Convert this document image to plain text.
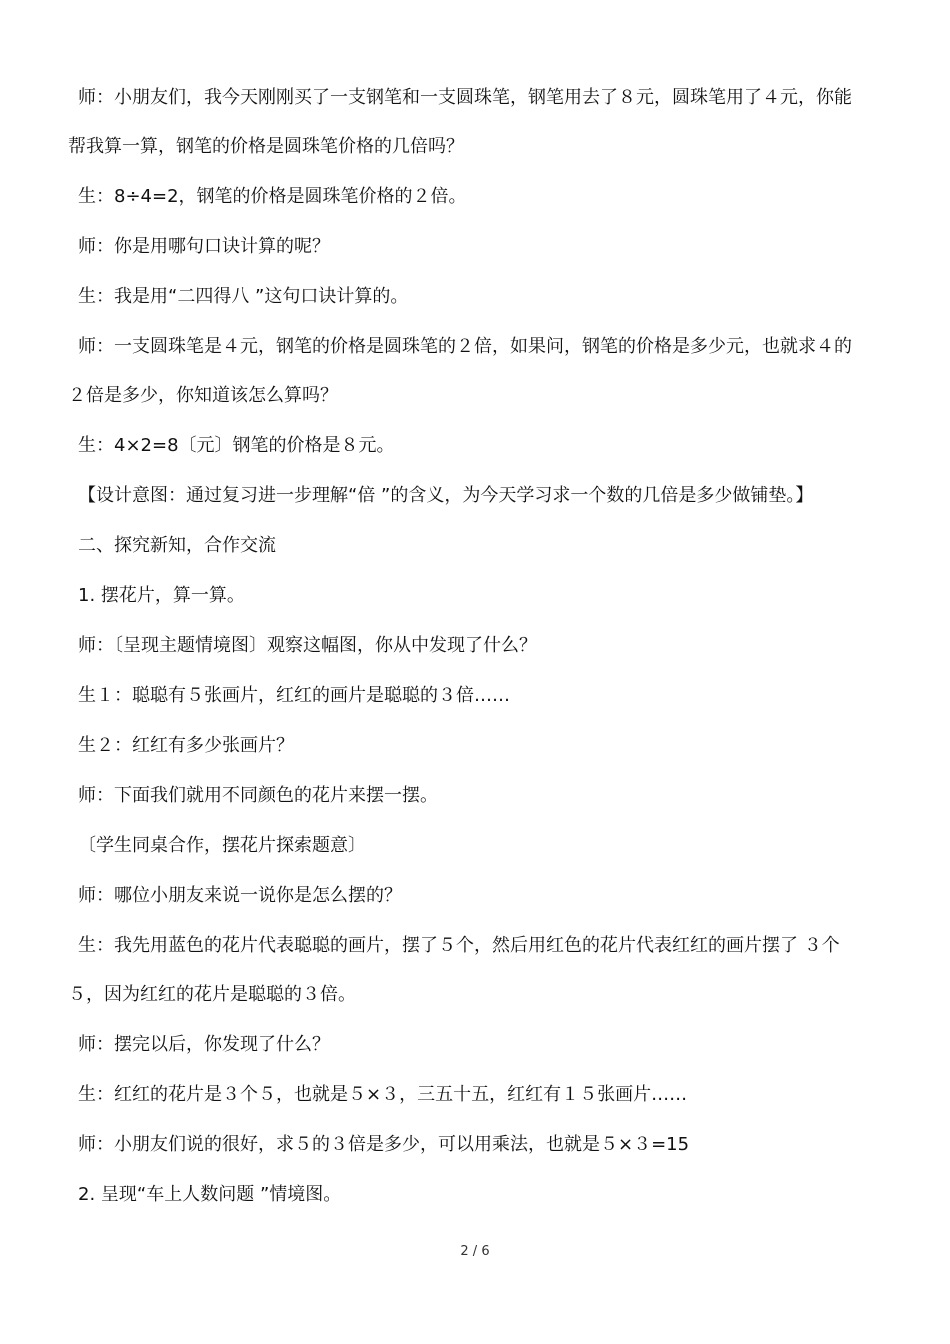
师：小朋友们，我今天刚刚买了一支钢笔和一支圆珠笔，钢笔用去了８元，圆珠笔用了４元，你能
帮我算一算，钢笔的价格是圆珠笔价格的几倍吗？
生：8÷4=2，钢笔的价格是圆珠笔价格的２倍。
师：你是用哪句口诀计算的呢？
生：我是用“二四得八 ”这句口诀计算的。
师：一支圆珠笔是４元，钢笔的价格是圆珠笔的２倍，如果问，钢笔的价格是多少元，也就求４的
２倍是多少，你知道该怎么算吗？
生：4×2=8〔元〕钢笔的价格是８元。
【设计意图：通过复习进一步理解“倍 ”的含义，为今天学习求一个数的几倍是多少做铺垫。】
二、探究新知，合作交流
1. 摆花片，算一算。
师：〔呈现主题情境图〕观察这幅图，你从中发现了什么？
生１：聪聪有５张画片，红红的画片是聪聪的３倍……
生２：红红有多少张画片？
师：下面我们就用不同颜色的花片来摆一摆。
〔学生同桌合作，摆花片探索题意〕
师：哪位小朋友来说一说你是怎么摆的？
生：我先用蓝色的花片代表聪聪的画片，摆了５个，然后用红色的花片代表红红的画片摆了 ３个
５，因为红红的花片是聪聪的３倍。
师：摆完以后，你发现了什么？
生：红红的花片是３个５，也就是５×３，三五十五，红红有１５张画片……
师：小朋友们说的很好，求５的３倍是多少，可以用乘法，也就是５×３=15
2. 呈现“车上人数问题 ”情境图。
2 / 6
